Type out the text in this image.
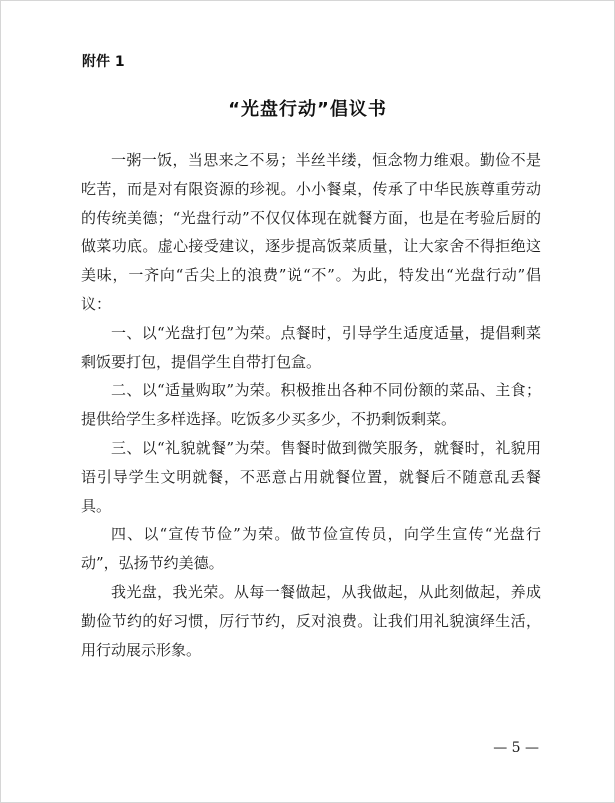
附件 1
“光盘行动”倡议书

一粥一饭，当思来之不易；半丝半缕，恒念物力维艰。勤俭不是吃苦，而是对有限资源的珍视。小小餐桌，传承了中华民族尊重劳动的传统美德；“光盘行动”不仅仅体现在就餐方面，也是在考验后厨的做菜功底。虚心接受建议，逐步提高饭菜质量，让大家舍不得拒绝这美味，一齐向“舌尖上的浪费”说“不”。为此，特发出“光盘行动”倡议：

一、以“光盘打包”为荣。点餐时，引导学生适度适量，提倡剩菜剩饭要打包，提倡学生自带打包盒。

二、以“适量购取”为荣。积极推出各种不同份额的菜品、主食；提供给学生多样选择。吃饭多少买多少，不扔剩饭剩菜。

三、以“礼貌就餐”为荣。售餐时做到微笑服务，就餐时，礼貌用语引导学生文明就餐，不恶意占用就餐位置，就餐后不随意乱丢餐具。

四、以“宣传节俭”为荣。做节俭宣传员，向学生宣传“光盘行动”，弘扬节约美德。

我光盘，我光荣。从每一餐做起，从我做起，从此刻做起，养成勤俭节约的好习惯，厉行节约，反对浪费。让我们用礼貌演绎生活，用行动展示形象。

— 5 —
